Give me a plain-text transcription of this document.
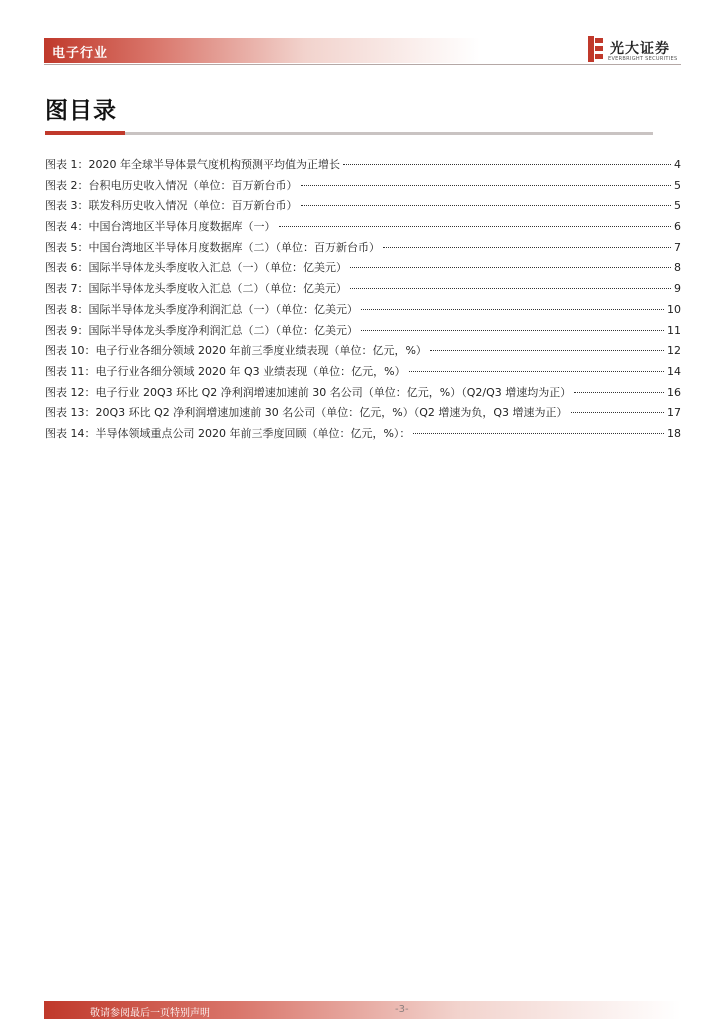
电子行业	光大证券
EVERBRIGHT SECURITIES
图目录
图表 1：2020 年全球半导体景气度机构预测平均值为正增长	4
图表 2：台积电历史收入情况（单位：百万新台币）	5
图表 3：联发科历史收入情况（单位：百万新台币）	5
图表 4：中国台湾地区半导体月度数据库（一）	6
图表 5：中国台湾地区半导体月度数据库（二）（单位：百万新台币）	7
图表 6：国际半导体龙头季度收入汇总（一）（单位：亿美元）	8
图表 7：国际半导体龙头季度收入汇总（二）（单位：亿美元）	9
图表 8：国际半导体龙头季度净利润汇总（一）（单位：亿美元）	10
图表 9：国际半导体龙头季度净利润汇总（二）（单位：亿美元）	11
图表 10：电子行业各细分领域 2020 年前三季度业绩表现（单位：亿元，%）	12
图表 11：电子行业各细分领域 2020 年 Q3 业绩表现（单位：亿元，%）	14
图表 12：电子行业 20Q3 环比 Q2 净利润增速加速前 30 名公司（单位：亿元，%）（Q2/Q3 增速均为正）	16
图表 13：20Q3 环比 Q2 净利润增速加速前 30 名公司（单位：亿元，%）（Q2 增速为负，Q3 增速为正）	17
图表 14：半导体领域重点公司 2020 年前三季度回顾（单位：亿元，%）：	18
敬请参阅最后一页特别声明	-3-
